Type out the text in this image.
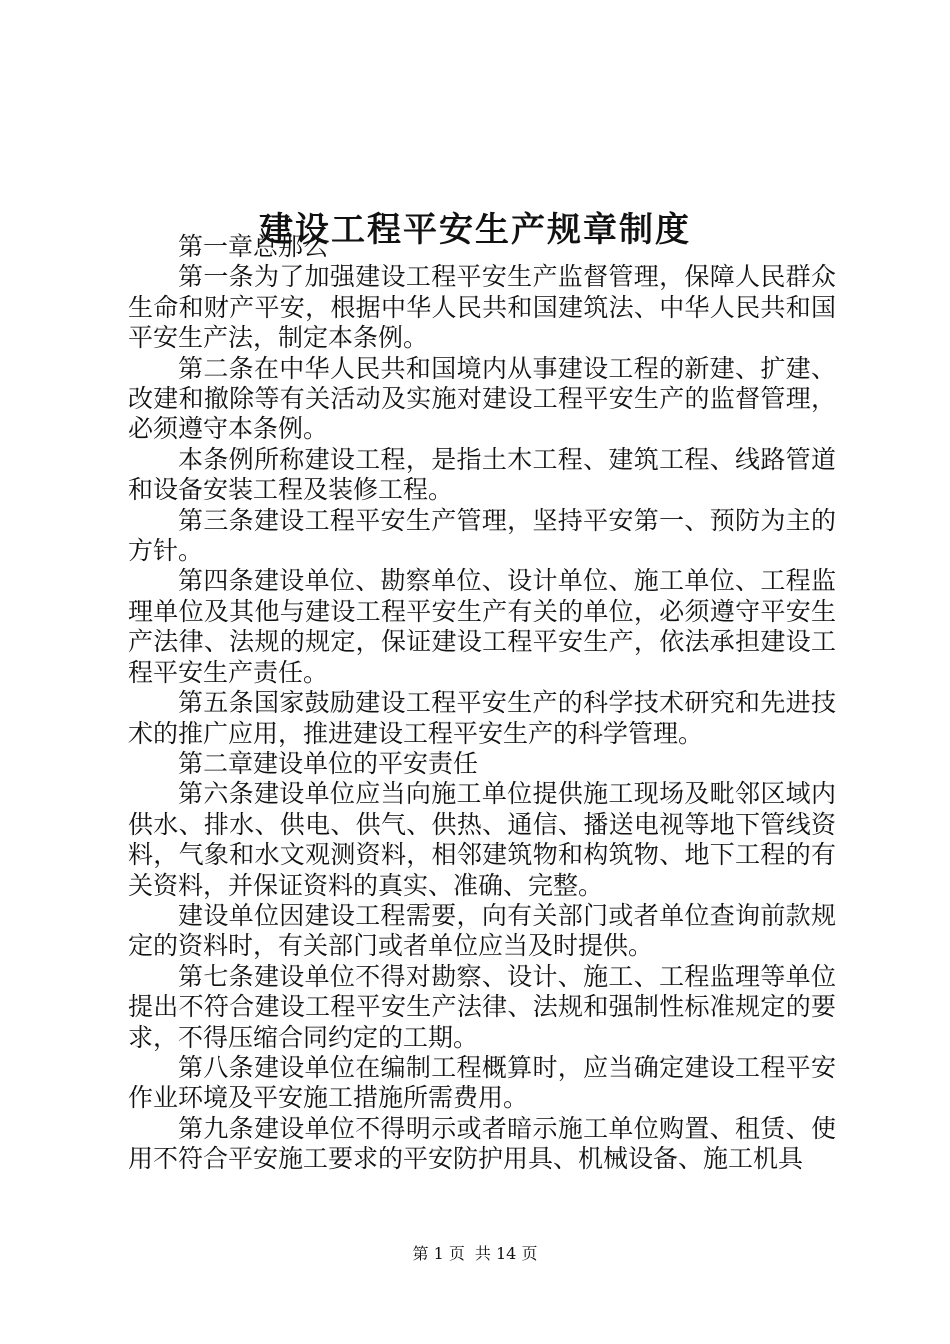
建设工程平安生产规章制度

第一章总那么

第一条为了加强建设工程平安生产监督管理，保障人民群众生命和财产平安，根据中华人民共和国建筑法、中华人民共和国平安生产法，制定本条例。

第二条在中华人民共和国境内从事建设工程的新建、扩建、改建和撤除等有关活动及实施对建设工程平安生产的监督管理，必须遵守本条例。

本条例所称建设工程，是指土木工程、建筑工程、线路管道和设备安装工程及装修工程。

第三条建设工程平安生产管理，坚持平安第一、预防为主的方针。

第四条建设单位、勘察单位、设计单位、施工单位、工程监理单位及其他与建设工程平安生产有关的单位，必须遵守平安生产法律、法规的规定，保证建设工程平安生产，依法承担建设工程平安生产责任。

第五条国家鼓励建设工程平安生产的科学技术研究和先进技术的推广应用，推进建设工程平安生产的科学管理。

第二章建设单位的平安责任

第六条建设单位应当向施工单位提供施工现场及毗邻区域内供水、排水、供电、供气、供热、通信、播送电视等地下管线资料，气象和水文观测资料，相邻建筑物和构筑物、地下工程的有关资料，并保证资料的真实、准确、完整。

建设单位因建设工程需要，向有关部门或者单位查询前款规定的资料时，有关部门或者单位应当及时提供。

第七条建设单位不得对勘察、设计、施工、工程监理等单位提出不符合建设工程平安生产法律、法规和强制性标准规定的要求，不得压缩合同约定的工期。

第八条建设单位在编制工程概算时，应当确定建设工程平安作业环境及平安施工措施所需费用。

第九条建设单位不得明示或者暗示施工单位购置、租赁、使用不符合平安施工要求的平安防护用具、机械设备、施工机具

第 1 页 共 14 页
